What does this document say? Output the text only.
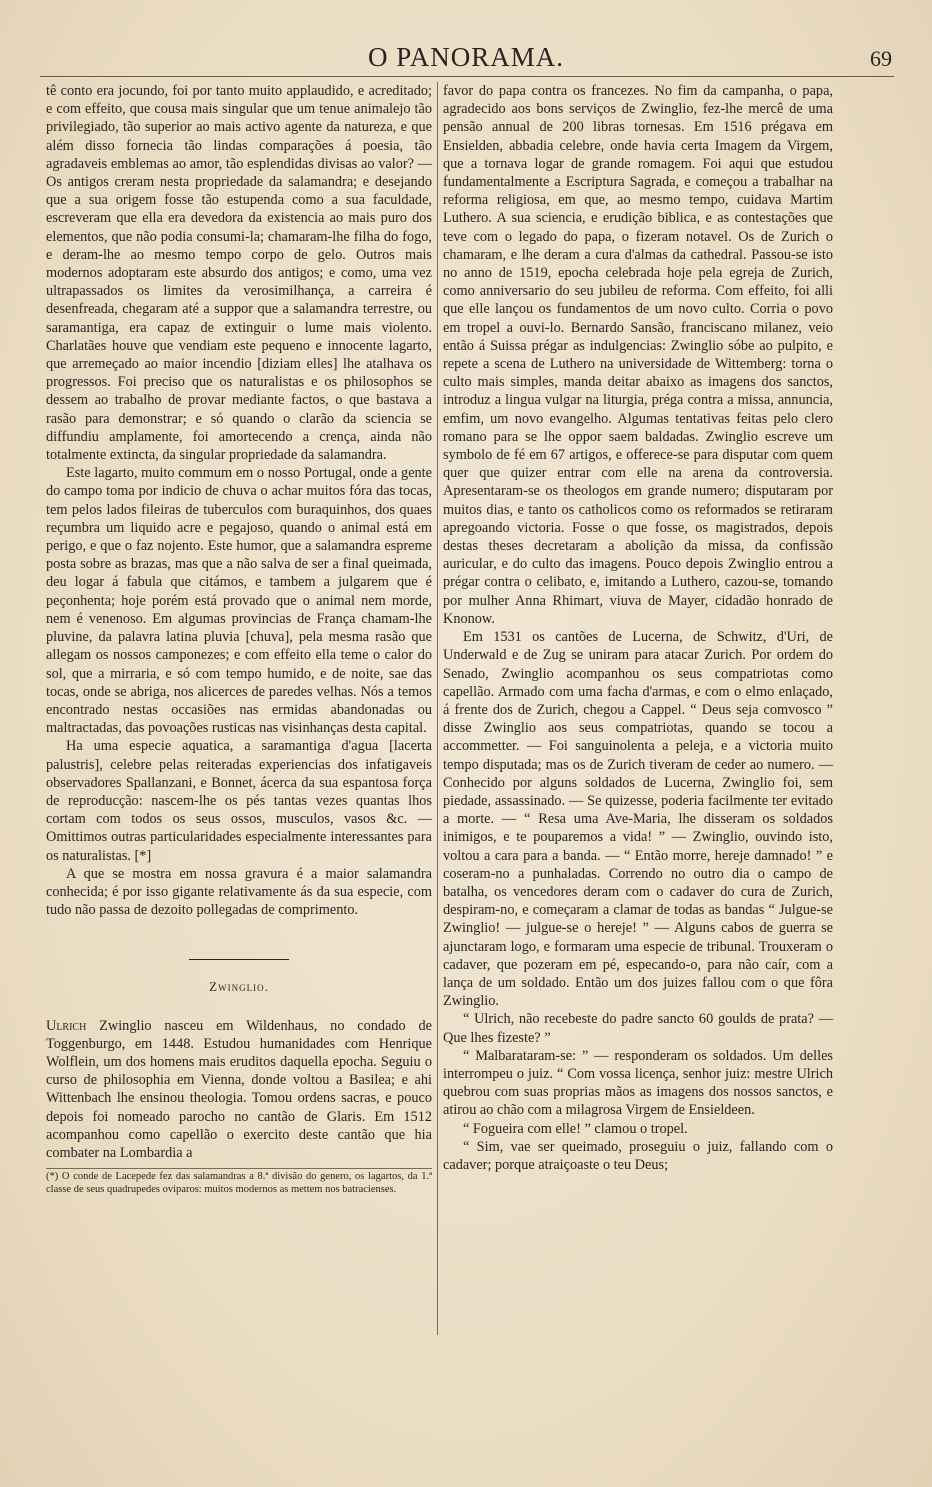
O PANORAMA.	69

tê conto era jocundo, foi por tanto muito applaudido, e acreditado; e com effeito, que cousa mais singular que um tenue animalejo tão privilegiado, tão superior ao mais activo agente da natureza, e que além disso fornecia tão lindas comparações á poesia, tão agradaveis emblemas ao amor, tão esplendidas divisas ao valor? — Os antigos creram nesta propriedade da salamandra; e desejando que a sua origem fosse tão estupenda como a sua faculdade, escreveram que ella era devedora da existencia ao mais puro dos elementos, que não podia consumi-la; chamaram-lhe filha do fogo, e deram-lhe ao mesmo tempo corpo de gelo. Outros mais modernos adoptaram este absurdo dos antigos; e como, uma vez ultrapassados os limites da verosimilhança, a carreira é desenfreada, chegaram até a suppor que a salamandra terrestre, ou saramantiga, era capaz de extinguir o lume mais violento. Charlatães houve que vendiam este pequeno e innocente lagarto, que arremeçado ao maior incendio [diziam elles] lhe atalhava os progressos. Foi preciso que os naturalistas e os philosophos se dessem ao trabalho de provar mediante factos, o que bastava a rasão para demonstrar; e só quando o clarão da sciencia se diffundiu amplamente, foi amortecendo a crença, ainda não totalmente extincta, da singular propriedade da salamandra.

Este lagarto, muito commum em o nosso Portugal, onde a gente do campo toma por indicio de chuva o achar muitos fóra das tocas, tem pelos lados fileiras de tuberculos com buraquinhos, dos quaes reçumbra um liquido acre e pegajoso, quando o animal está em perigo, e que o faz nojento. Este humor, que a salamandra espreme posta sobre as brazas, mas que a não salva de ser a final queimada, deu logar á fabula que citámos, e tambem a julgarem que é peçonhenta; hoje porém está provado que o animal nem morde, nem é venenoso. Em algumas provincias de França chamam-lhe pluvine, da palavra latina pluvia [chuva], pela mesma rasão que allegam os nossos camponezes; e com effeito ella teme o calor do sol, que a mirraria, e só com tempo humido, e de noite, sae das tocas, onde se abriga, nos alicerces de paredes velhas. Nós a temos encontrado nestas occasiões nas ermidas abandonadas ou maltractadas, das povoações rusticas nas visinhanças desta capital.

Ha uma especie aquatica, a saramantiga d'agua [lacerta palustris], celebre pelas reiteradas experiencias dos infatigaveis observadores Spallanzani, e Bonnet, ácerca da sua espantosa força de reproducção: nascem-lhe os pés tantas vezes quantas lhos cortam com todos os seus ossos, musculos, vasos &c. — Omittimos outras particularidades especialmente interessantes para os naturalistas. [*]

A que se mostra em nossa gravura é a maior salamandra conhecida; é por isso gigante relativamente ás da sua especie, com tudo não passa de dezoito pollegadas de comprimento.

Zwinglio.

Ulrich Zwinglio nasceu em Wildenhaus, no condado de Toggenburgo, em 1448. Estudou humanidades com Henrique Wolflein, um dos homens mais eruditos daquella epocha. Seguiu o curso de philosophia em Vienna, donde voltou a Basilea; e ahi Wittenbach lhe ensinou theologia. Tomou ordens sacras, e pouco depois foi nomeado parocho no cantão de Glaris. Em 1512 acompanhou como capellão o exercito deste cantão que hia combater na Lombardia a

(*) O conde de Lacepede fez das salamandras a 8.ª divisão do genero, os lagartos, da 1.ª classe de seus quadrupedes oviparos: muitos modernos as mettem nos batracienses.

favor do papa contra os francezes. No fim da campanha, o papa, agradecido aos bons serviços de Zwinglio, fez-lhe mercê de uma pensão annual de 200 libras tornesas. Em 1516 prégava em Ensielden, abbadia celebre, onde havia certa Imagem da Virgem, que a tornava logar de grande romagem. Foi aqui que estudou fundamentalmente a Escriptura Sagrada, e começou a trabalhar na reforma religiosa, em que, ao mesmo tempo, cuidava Martim Luthero. A sua sciencia, e erudição biblica, e as contestações que teve com o legado do papa, o fizeram notavel. Os de Zurich o chamaram, e lhe deram a cura d'almas da cathedral. Passou-se isto no anno de 1519, epocha celebrada hoje pela egreja de Zurich, como anniversario do seu jubileu de reforma. Com effeito, foi alli que elle lançou os fundamentos de um novo culto. Corria o povo em tropel a ouvi-lo. Bernardo Sansão, franciscano milanez, veio então á Suissa prégar as indulgencias: Zwinglio sóbe ao pulpito, e repete a scena de Luthero na universidade de Wittemberg: torna o culto mais simples, manda deitar abaixo as imagens dos sanctos, introduz a lingua vulgar na liturgia, préga contra a missa, annuncia, emfim, um novo evangelho. Algumas tentativas feitas pelo clero romano para se lhe oppor saem baldadas. Zwinglio escreve um symbolo de fé em 67 artigos, e offerece-se para disputar com quem quer que quizer entrar com elle na arena da controversia. Apresentaram-se os theologos em grande numero; disputaram por muitos dias, e tanto os catholicos como os reformados se retiraram apregoando victoria. Fosse o que fosse, os magistrados, depois destas theses decretaram a abolição da missa, da confissão auricular, e do culto das imagens. Pouco depois Zwinglio entrou a prégar contra o celibato, e, imitando a Luthero, cazou-se, tomando por mulher Anna Rhimart, viuva de Mayer, cidadão honrado de Knonow.

Em 1531 os cantões de Lucerna, de Schwitz, d'Uri, de Underwald e de Zug se uniram para atacar Zurich. Por ordem do Senado, Zwinglio acompanhou os seus compatriotas como capellão. Armado com uma facha d'armas, e com o elmo enlaçado, á frente dos de Zurich, chegou a Cappel. “ Deus seja comvosco ” disse Zwinglio aos seus compatriotas, quando se tocou a accommetter. — Foi sanguinolenta a peleja, e a victoria muito tempo disputada; mas os de Zurich tiveram de ceder ao numero. — Conhecido por alguns soldados de Lucerna, Zwinglio foi, sem piedade, assassinado. — Se quizesse, poderia facilmente ter evitado a morte. — “ Resa uma Ave-Maria, lhe disseram os soldados inimigos, e te pouparemos a vida! ” — Zwinglio, ouvindo isto, voltou a cara para a banda. — “ Então morre, hereje damnado! ” e coseram-no a punhaladas. Correndo no outro dia o campo de batalha, os vencedores deram com o cadaver do cura de Zurich, despiram-no, e começaram a clamar de todas as bandas “ Julgue-se Zwinglio! — julgue-se o hereje! ” — Alguns cabos de guerra se ajunctaram logo, e formaram uma especie de tribunal. Trouxeram o cadaver, que pozeram em pé, especando-o, para não caír, com a lança de um soldado. Então um dos juizes fallou com o que fôra Zwinglio.

“ Ulrich, não recebeste do padre sancto 60 goulds de prata? — Que lhes fizeste? ”

“ Malbarataram-se: ” — responderam os soldados. Um delles interrompeu o juiz. “ Com vossa licença, senhor juiz: mestre Ulrich quebrou com suas proprias mãos as imagens dos nossos sanctos, e atirou ao chão com a milagrosa Virgem de Ensieldeen.

“ Fogueira com elle! ” clamou o tropel.

“ Sim, vae ser queimado, proseguiu o juiz, fallando com o cadaver; porque atraiçoaste o teu Deus;
